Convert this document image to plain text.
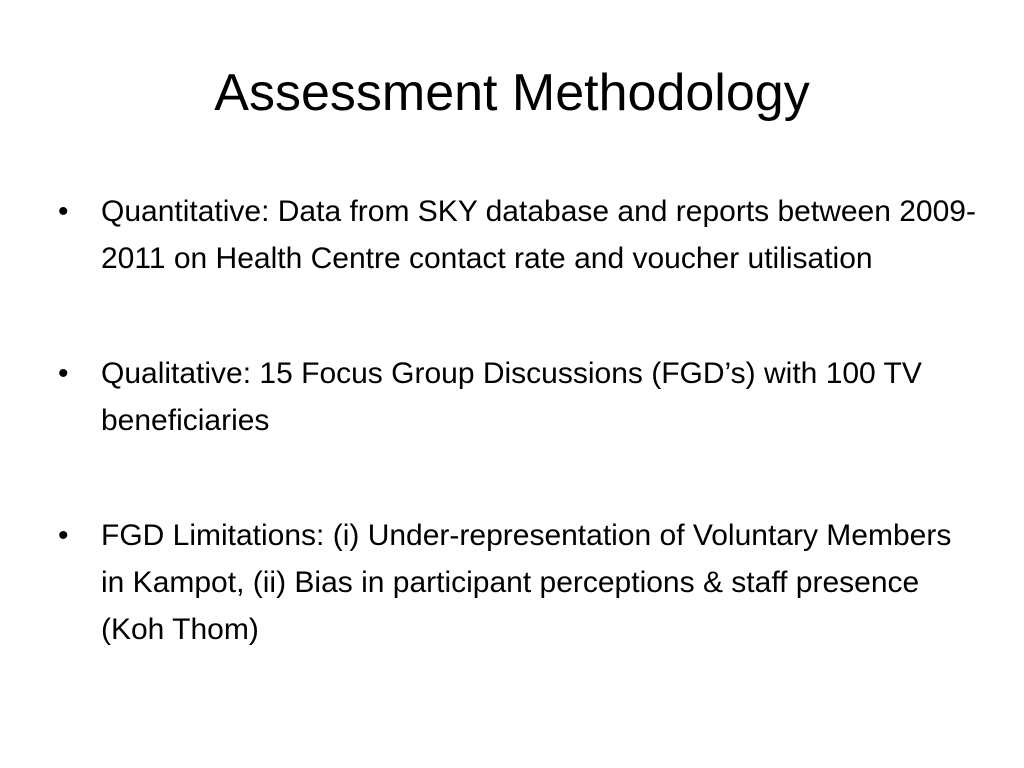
Assessment Methodology
• Quantitative: Data from SKY database and reports between 2009-2011 on Health Centre contact rate and voucher utilisation
• Qualitative: 15 Focus Group Discussions (FGD’s) with 100 TV beneficiaries
• FGD Limitations: (i) Under-representation of Voluntary Members in Kampot, (ii) Bias in participant perceptions & staff presence (Koh Thom)
